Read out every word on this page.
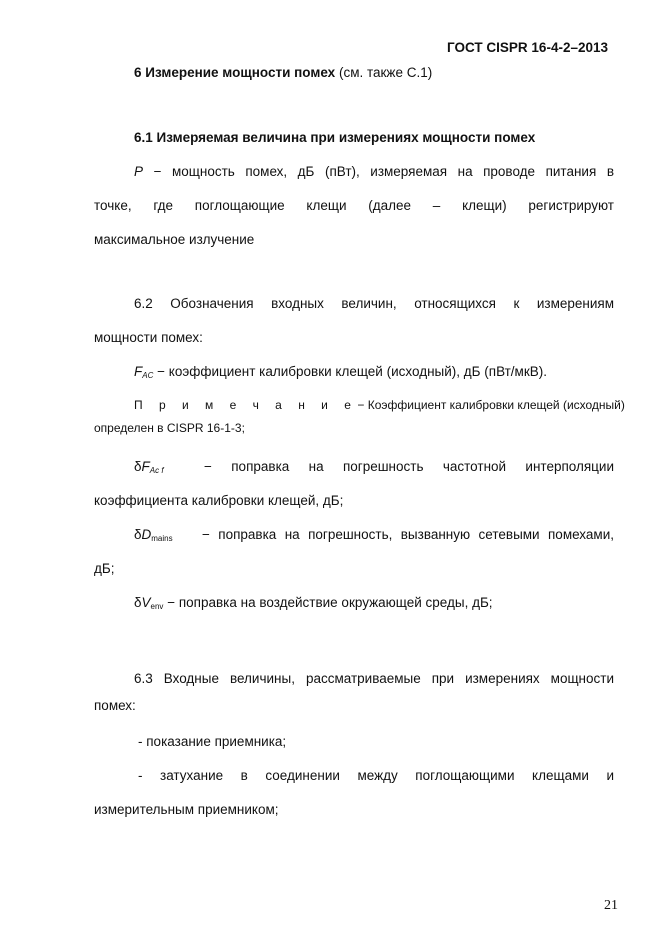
ГОСТ CISPR 16-4-2–2013
6 Измерение мощности помех (см. также С.1)
6.1 Измеряемая величина при измерениях мощности помех
P − мощность помех, дБ (пВт), измеряемая на проводе питания в
точке, где поглощающие клещи (далее – клещи) регистрируют
максимальное излучение
6.2 Обозначения входных величин, относящихся к измерениям
мощности помех:
$F_{AC}$ − коэффициент калибровки клещей (исходный), дБ (пВт/мкВ).
П р и м е ч а н и е − Коэффициент калибровки клещей (исходный)
определен в CISPR 16-1-3;
$\delta F_{Ac f}$	− поправка на погрешность частотной интерполяции
коэффициента калибровки клещей, дБ;
$\delta D_{mains}$ − поправка на погрешность, вызванную сетевыми помехами,
дБ;
$\delta V_{env}$ − поправка на воздействие окружающей среды, дБ;
6.3 Входные величины, рассматриваемые при измерениях мощности
помех:
- показание приемника;
- затухание в соединении между поглощающими клещами и
измерительным приемником;
21
